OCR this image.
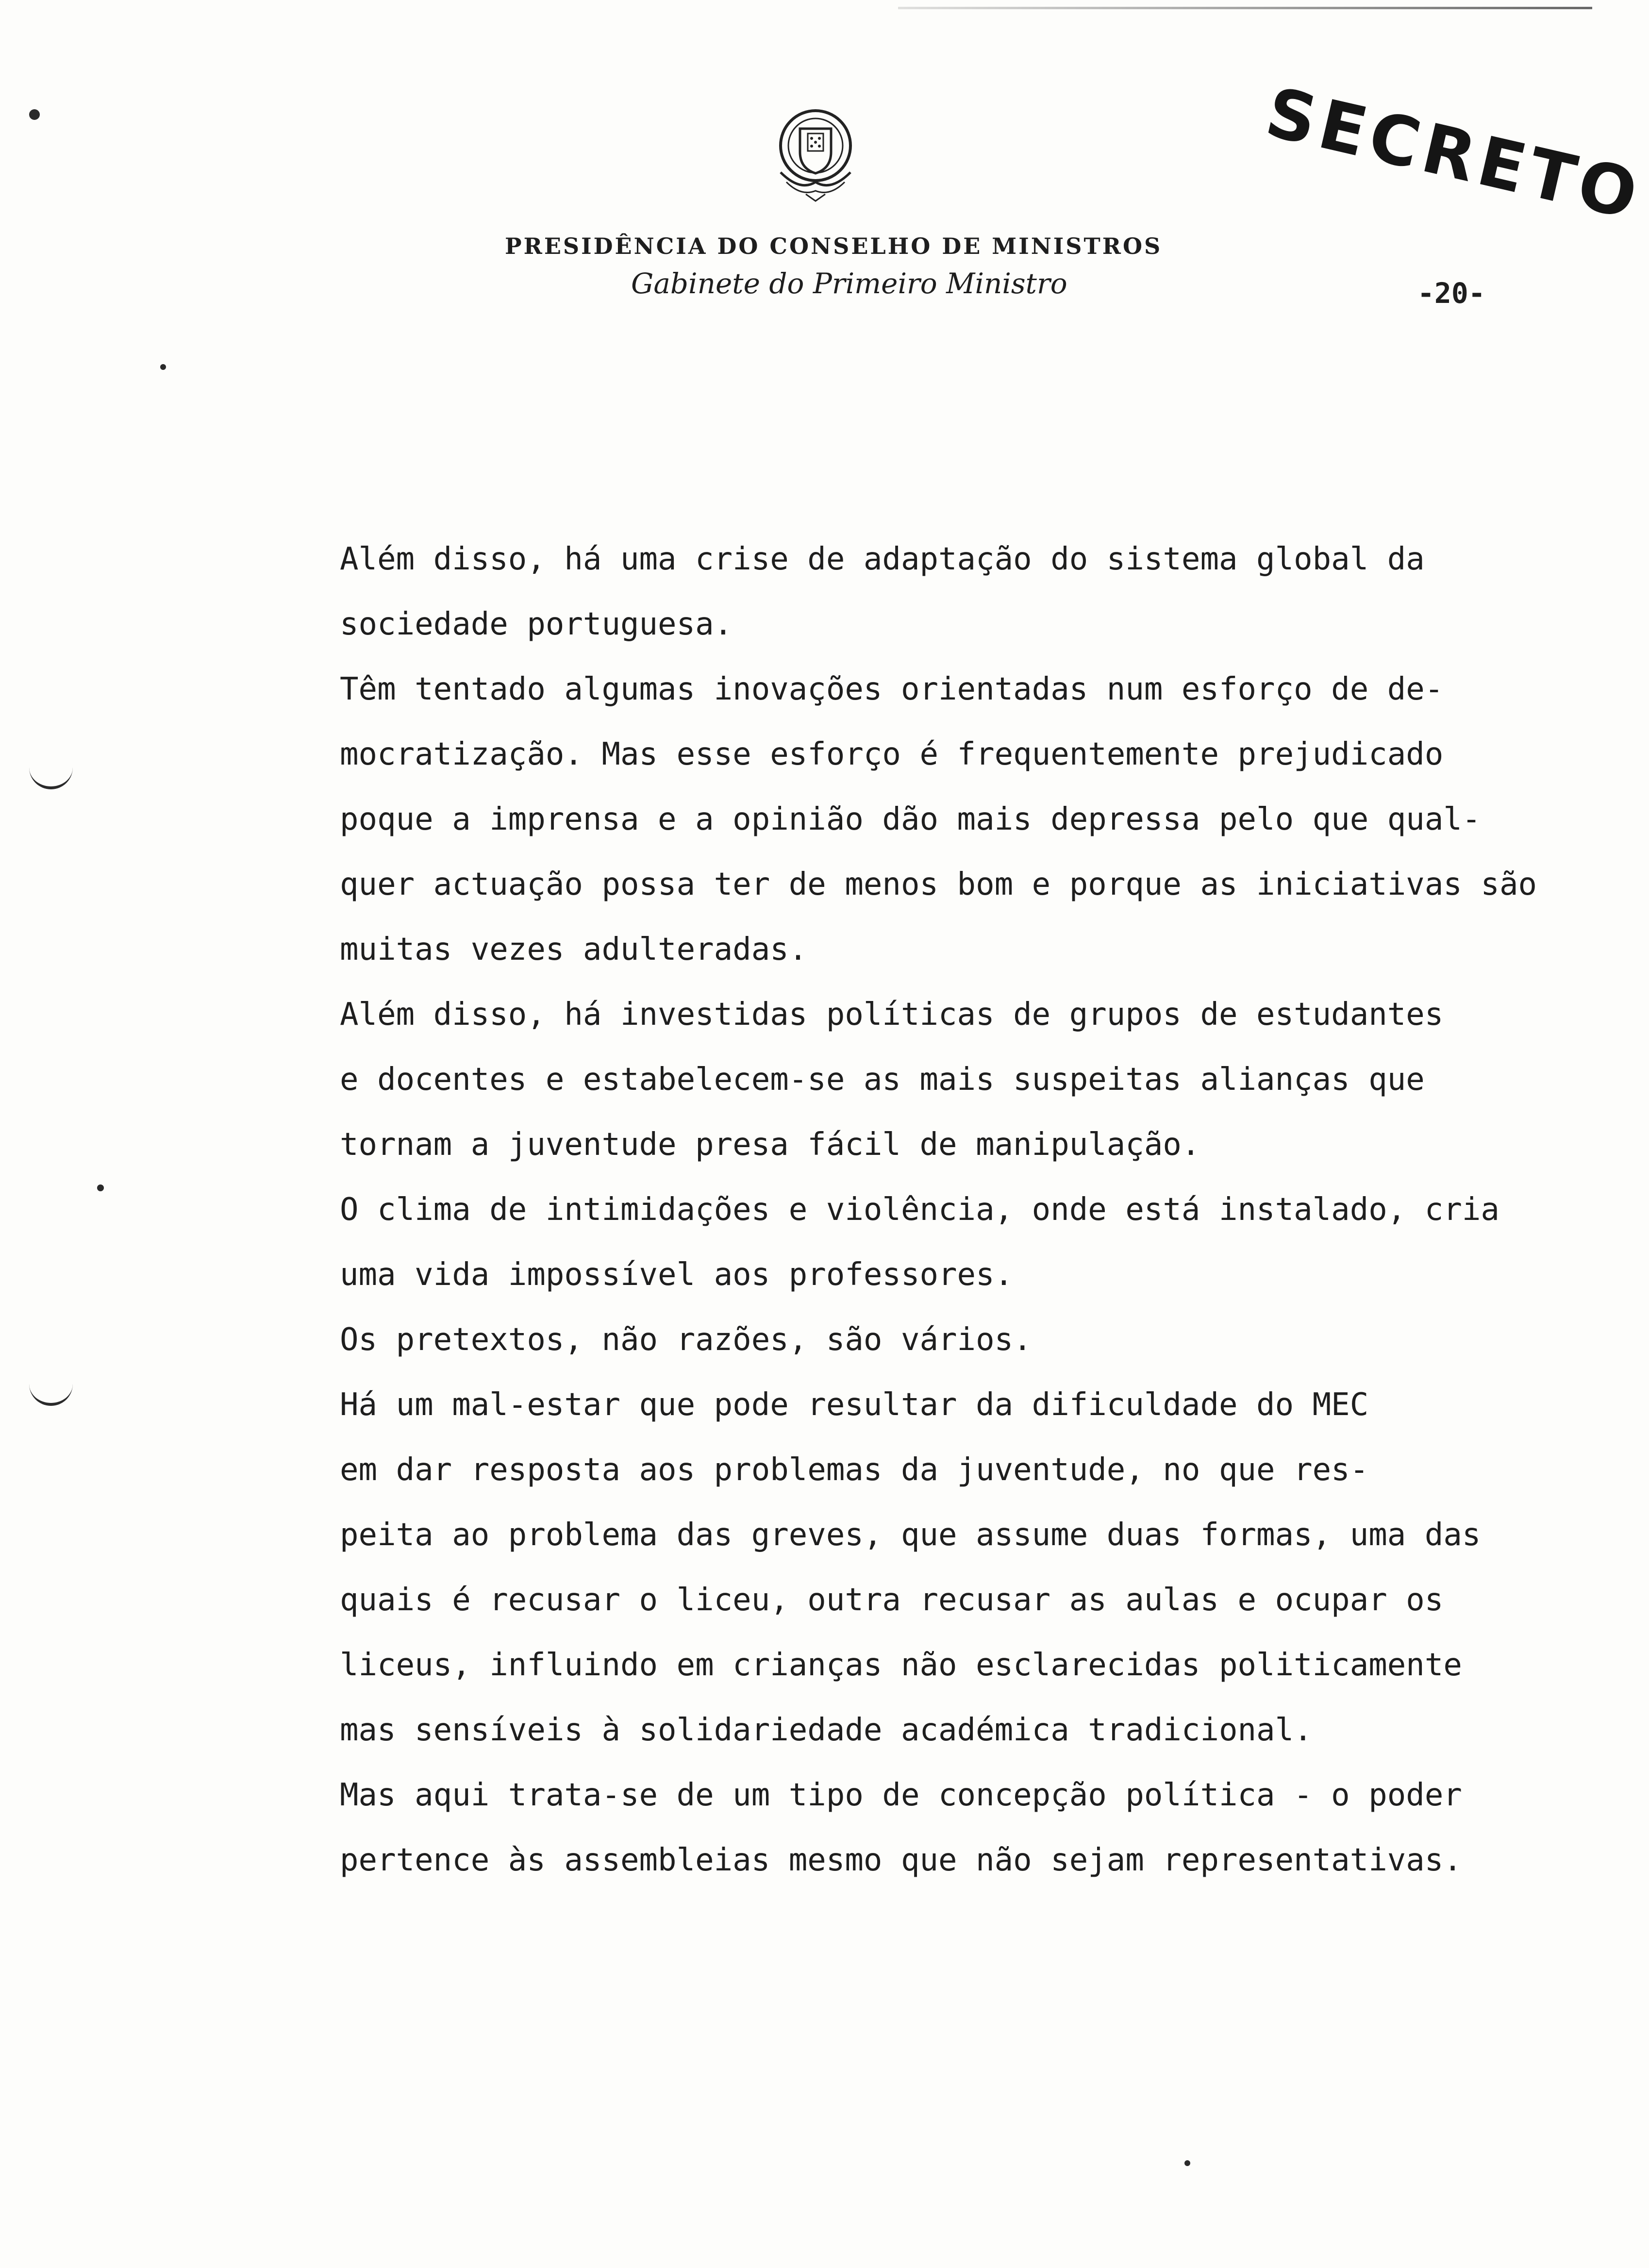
PRESIDÊNCIA DO CONSELHO DE MINISTROS
Gabinete do Primeiro Ministro	-20-
SECRETO
Além disso, há uma crise de adaptação do sistema global da
sociedade portuguesa.
Têm tentado algumas inovações orientadas num esforço de de-
mocratização. Mas esse esforço é frequentemente prejudicado
poque a imprensa e a opinião dão mais depressa pelo que qual-
quer actuação possa ter de menos bom e porque as iniciativas são
muitas vezes adulteradas.
Além disso, há investidas políticas de grupos de estudantes
e docentes e estabelecem-se as mais suspeitas alianças que
tornam a juventude presa fácil de manipulação.
O clima de intimidações e violência, onde está instalado, cria
uma vida impossível aos professores.
Os pretextos, não razões, são vários.
Há um mal-estar que pode resultar da dificuldade do MEC
em dar resposta aos problemas da juventude, no que res-
peita ao problema das greves, que assume duas formas, uma das
quais é recusar o liceu, outra recusar as aulas e ocupar os
liceus, influindo em crianças não esclarecidas politicamente
mas sensíveis à solidariedade académica tradicional.
Mas aqui trata-se de um tipo de concepção política - o poder
pertence às assembleias mesmo que não sejam representativas.
